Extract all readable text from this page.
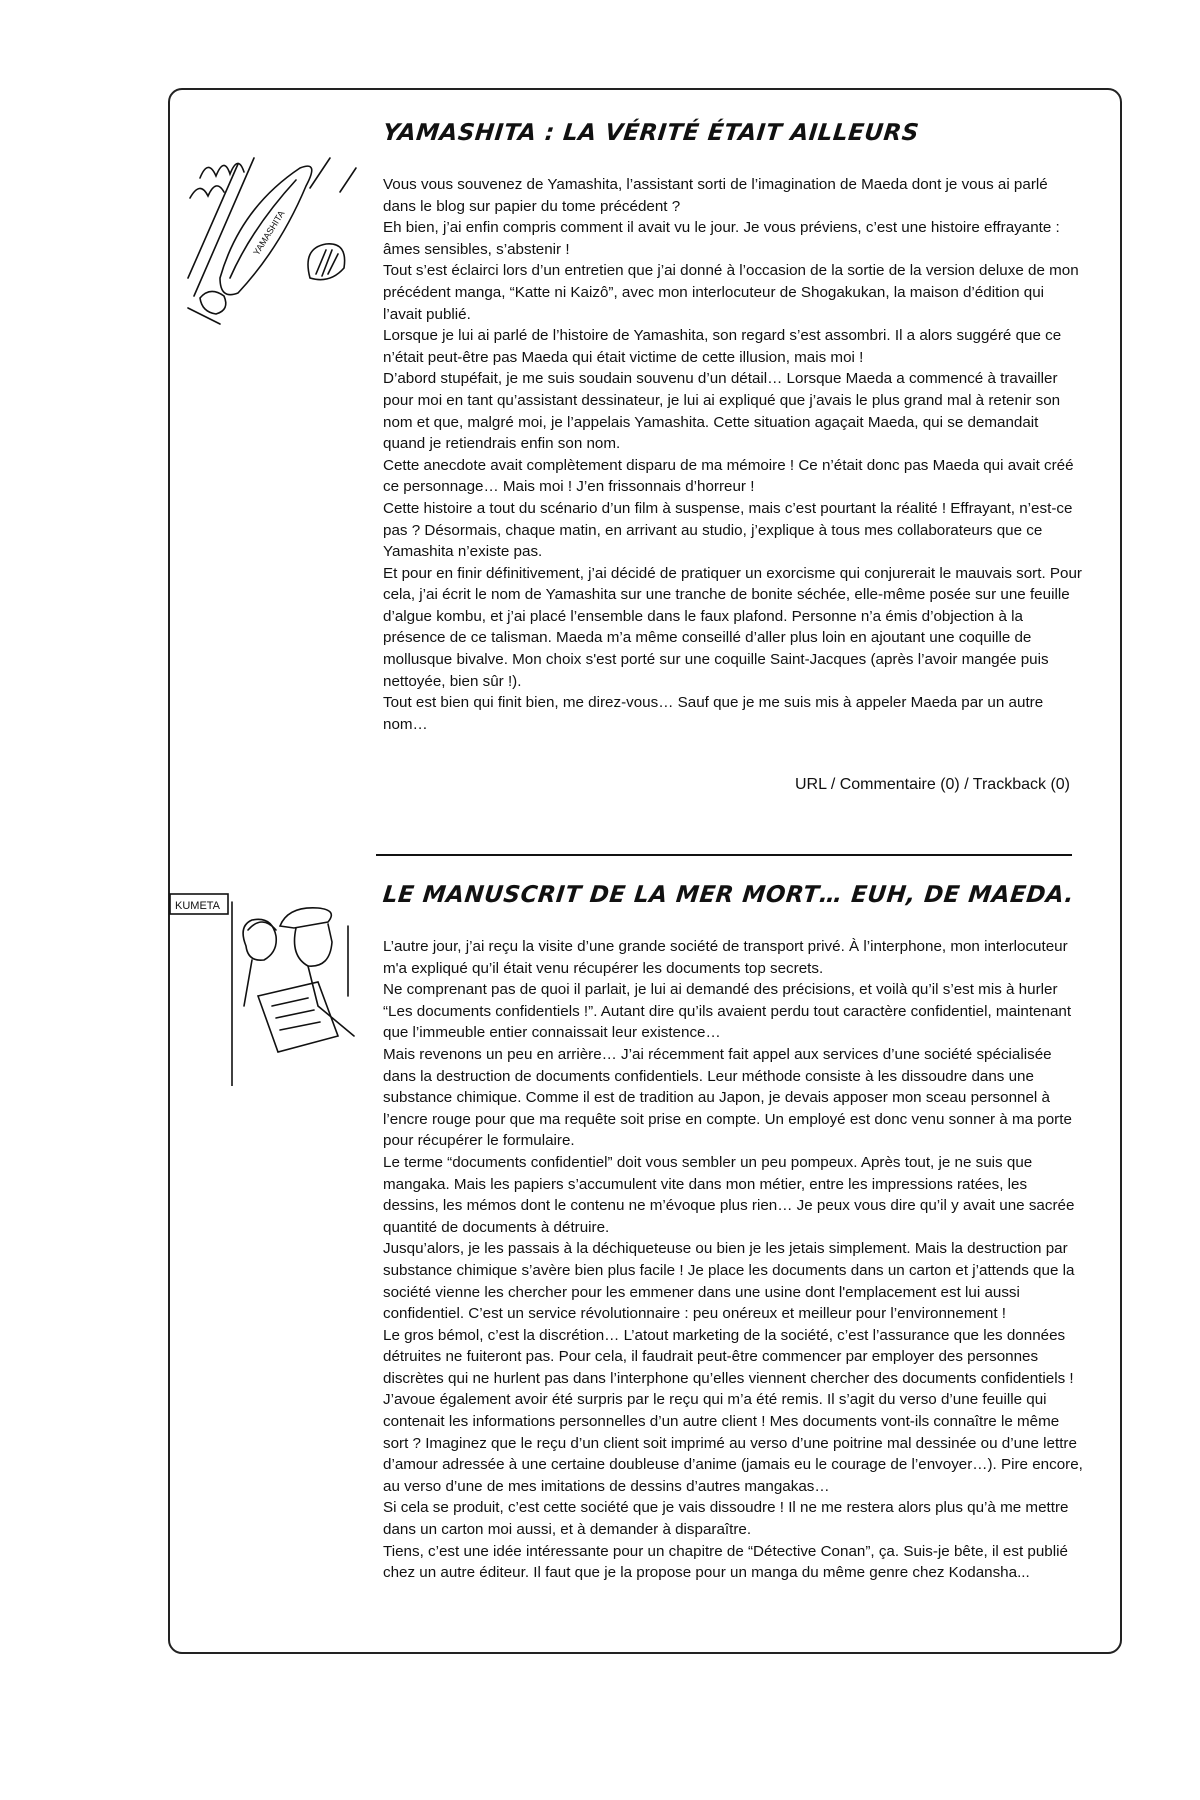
YAMASHITA
YAMASHITA : LA VÉRITÉ ÉTAIT AILLEURS

Vous vous souvenez de Yamashita, l’assistant sorti de l’imagination de Maeda dont je vous ai parlé dans le blog sur papier du tome précédent ?

Eh bien, j’ai enfin compris comment il avait vu le jour. Je vous préviens, c’est une histoire effrayante : âmes sensibles, s’abstenir !

Tout s’est éclairci lors d’un entretien que j’ai donné à l’occasion de la sortie de la version deluxe de mon précédent manga, “Katte ni Kaizô”, avec mon interlocuteur de Shogakukan, la maison d’édition qui l’avait publié.

Lorsque je lui ai parlé de l’histoire de Yamashita, son regard s’est assombri. Il a alors suggéré que ce n’était peut-être pas Maeda qui était victime de cette illusion, mais moi !

D’abord stupéfait, je me suis soudain souvenu d’un détail… Lorsque Maeda a commencé à travailler pour moi en tant qu’assistant dessinateur, je lui ai expliqué que j’avais le plus grand mal à retenir son nom et que, malgré moi, je l’appelais Yamashita. Cette situation agaçait Maeda, qui se demandait quand je retiendrais enfin son nom.

Cette anecdote avait complètement disparu de ma mémoire ! Ce n’était donc pas Maeda qui avait créé ce personnage… Mais moi ! J’en frissonnais d’horreur !

Cette histoire a tout du scénario d’un film à suspense, mais c’est pourtant la réalité ! Effrayant, n’est-ce pas ? Désormais, chaque matin, en arrivant au studio, j’explique à tous mes collaborateurs que ce Yamashita n’existe pas.

Et pour en finir définitivement, j’ai décidé de pratiquer un exorcisme qui conjurerait le mauvais sort. Pour cela, j’ai écrit le nom de Yamashita sur une tranche de bonite séchée, elle-même posée sur une feuille d’algue kombu, et j’ai placé l’ensemble dans le faux plafond. Personne n’a émis d’objection à la présence de ce talisman. Maeda m’a même conseillé d’aller plus loin en ajoutant une coquille de mollusque bivalve. Mon choix s'est porté sur une coquille Saint-Jacques (après l’avoir mangée puis nettoyée, bien sûr !).

Tout est bien qui finit bien, me direz-vous… Sauf que je me suis mis à appeler Maeda par un autre nom…

URL / Commentaire (0) / Trackback (0)
KUMETA	LE MANUSCRIT DE LA MER MORT… EUH, DE MAEDA.

L’autre jour, j’ai reçu la visite d’une grande société de transport privé. À l’interphone, mon interlocuteur m'a expliqué qu’il était venu récupérer les documents top secrets.

Ne comprenant pas de quoi il parlait, je lui ai demandé des précisions, et voilà qu’il s’est mis à hurler “Les documents confidentiels !”. Autant dire qu’ils avaient perdu tout caractère confidentiel, maintenant que l’immeuble entier connaissait leur existence…

Mais revenons un peu en arrière… J’ai récemment fait appel aux services d’une société spécialisée dans la destruction de documents confidentiels. Leur méthode consiste à les dissoudre dans une substance chimique. Comme il est de tradition au Japon, je devais apposer mon sceau personnel à l’encre rouge pour que ma requête soit prise en compte. Un employé est donc venu sonner à ma porte pour récupérer le formulaire.

Le terme “documents confidentiel” doit vous sembler un peu pompeux. Après tout, je ne suis que mangaka. Mais les papiers s’accumulent vite dans mon métier, entre les impressions ratées, les dessins, les mémos dont le contenu ne m’évoque plus rien… Je peux vous dire qu’il y avait une sacrée quantité de documents à détruire.

Jusqu’alors, je les passais à la déchiqueteuse ou bien je les jetais simplement. Mais la destruction par substance chimique s’avère bien plus facile ! Je place les documents dans un carton et j’attends que la société vienne les chercher pour les emmener dans une usine dont l'emplacement est lui aussi confidentiel. C’est un service révolutionnaire : peu onéreux et meilleur pour l’environnement !

Le gros bémol, c’est la discrétion… L’atout marketing de la société, c’est l’assurance que les données détruites ne fuiteront pas. Pour cela, il faudrait peut-être commencer par employer des personnes discrètes qui ne hurlent pas dans l’interphone qu’elles viennent chercher des documents confidentiels !

J’avoue également avoir été surpris par le reçu qui m’a été remis. Il s’agit du verso d’une feuille qui contenait les informations personnelles d’un autre client ! Mes documents vont-ils connaître le même sort ? Imaginez que le reçu d’un client soit imprimé au verso d’une poitrine mal dessinée ou d’une lettre d’amour adressée à une certaine doubleuse d’anime (jamais eu le courage de l’envoyer…). Pire encore, au verso d’une de mes imitations de dessins d’autres mangakas…

Si cela se produit, c’est cette société que je vais dissoudre ! Il ne me restera alors plus qu’à me mettre dans un carton moi aussi, et à demander à disparaître.

Tiens, c’est une idée intéressante pour un chapitre de “Détective Conan”, ça. Suis-je bête, il est publié chez un autre éditeur. Il faut que je la propose pour un manga du même genre chez Kodansha...
